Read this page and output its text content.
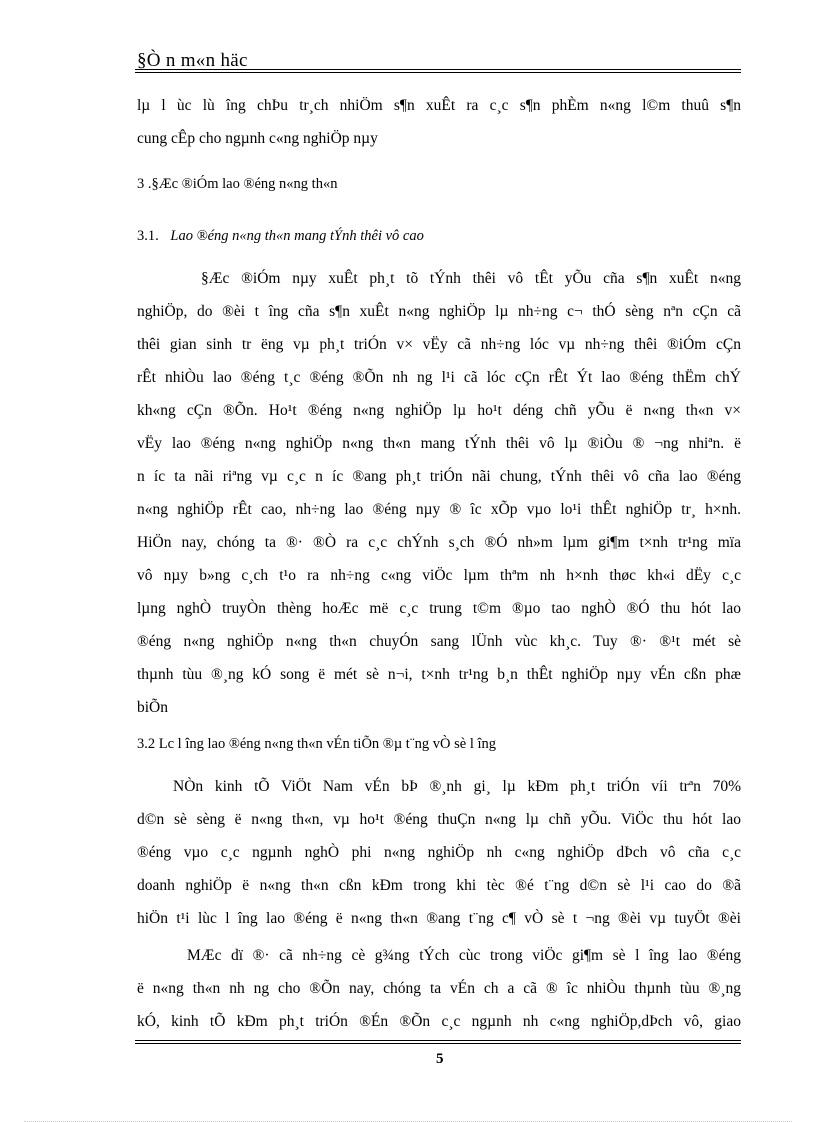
§Ò n m«n häc
lµ l ùc lù îng chÞu tr¸ch nhiÖm s¶n xuÊt ra c¸c s¶n phÈm n«ng l©m thuû s¶n
cung cÊp cho ngµnh c«ng nghiÖp nµy
3 .§Æc ®iÓm lao ®éng n«ng th«n
3.1. Lao ®éng n«ng th«n mang tÝnh thêi vô cao
§Æc ®iÓm nµy xuÊt ph¸t tõ tÝnh thêi vô tÊt yÕu cña s¶n xuÊt n«ng
nghiÖp, do ®èi t îng cña s¶n xuÊt n«ng nghiÖp lµ nh÷ng c¬ thÓ sèng nªn cÇn cã
thêi gian sinh tr ëng vµ ph¸t triÓn v× vËy cã nh÷ng lóc vµ nh÷ng thêi ®iÓm cÇn
rÊt nhiÒu lao ®éng t¸c ®éng ®Õn nh ng l¹i cã lóc cÇn rÊt Ýt lao ®éng thËm chÝ
kh«ng cÇn ®Õn. Ho¹t ®éng n«ng nghiÖp lµ ho¹t déng chñ yÕu ë n«ng th«n v×
vËy lao ®éng n«ng nghiÖp n«ng th«n mang tÝnh thêi vô lµ ®iÒu ® ¬ng nhiªn. ë
n íc ta nãi riªng vµ c¸c n íc ®ang ph¸t triÓn nãi chung, tÝnh thêi vô cña lao ®éng
n«ng nghiÖp rÊt cao, nh÷ng lao ®éng nµy ® îc xÕp vµo lo¹i thÊt nghiÖp tr¸ h×nh.
HiÖn nay, chóng ta ®· ®Ò ra c¸c chÝnh s¸ch ®Ó nh»m lµm gi¶m t×nh tr¹ng mïa
vô nµy b»ng c¸ch t¹o ra nh÷ng c«ng viÖc lµm thªm nh h×nh thøc kh«i dËy c¸c
lµng nghÒ truyÒn thèng hoÆc më c¸c trung t©m ®µo tao nghÒ ®Ó thu hót lao
®éng n«ng nghiÖp n«ng th«n chuyÓn sang lÜnh vùc kh¸c. Tuy ®· ®¹t mét sè
thµnh tùu ®¸ng kÓ song ë mét sè n¬i, t×nh tr¹ng b¸n thÊt nghiÖp nµy vÉn cßn phæ
biÕn
3.2 Lc l îng lao ®éng n«ng th«n vÉn tiÕn ®µ t¨ng vÒ sè l îng
NÒn kinh tÕ ViÖt Nam vÉn bÞ ®¸nh gi¸ lµ kÐm ph¸t triÓn víi trªn 70%
d©n sè sèng ë n«ng th«n, vµ ho¹t ®éng thuÇn n«ng lµ chñ yÕu. ViÖc thu hót lao
®éng vµo c¸c ngµnh nghÒ phi n«ng nghiÖp nh c«ng nghiÖp dÞch vô cña c¸c
doanh nghiÖp ë n«ng th«n cßn kÐm trong khi tèc ®é t¨ng d©n sè l¹i cao do ®ã
hiÖn t¹i lùc l îng lao ®éng ë n«ng th«n ®ang t¨ng c¶ vÒ sè t ¬ng ®èi vµ tuyÖt ®èi
MÆc dï ®· cã nh÷ng cè g¾ng tÝch cùc trong viÖc gi¶m sè l îng lao ®éng
ë n«ng th«n nh ng cho ®Õn nay, chóng ta vÉn ch a cã ® îc nhiÒu thµnh tùu ®¸ng
kÓ, kinh tÕ kÐm ph¸t triÓn ®Én ®Õn c¸c ngµnh nh c«ng nghiÖp,dÞch vô, giao
5
